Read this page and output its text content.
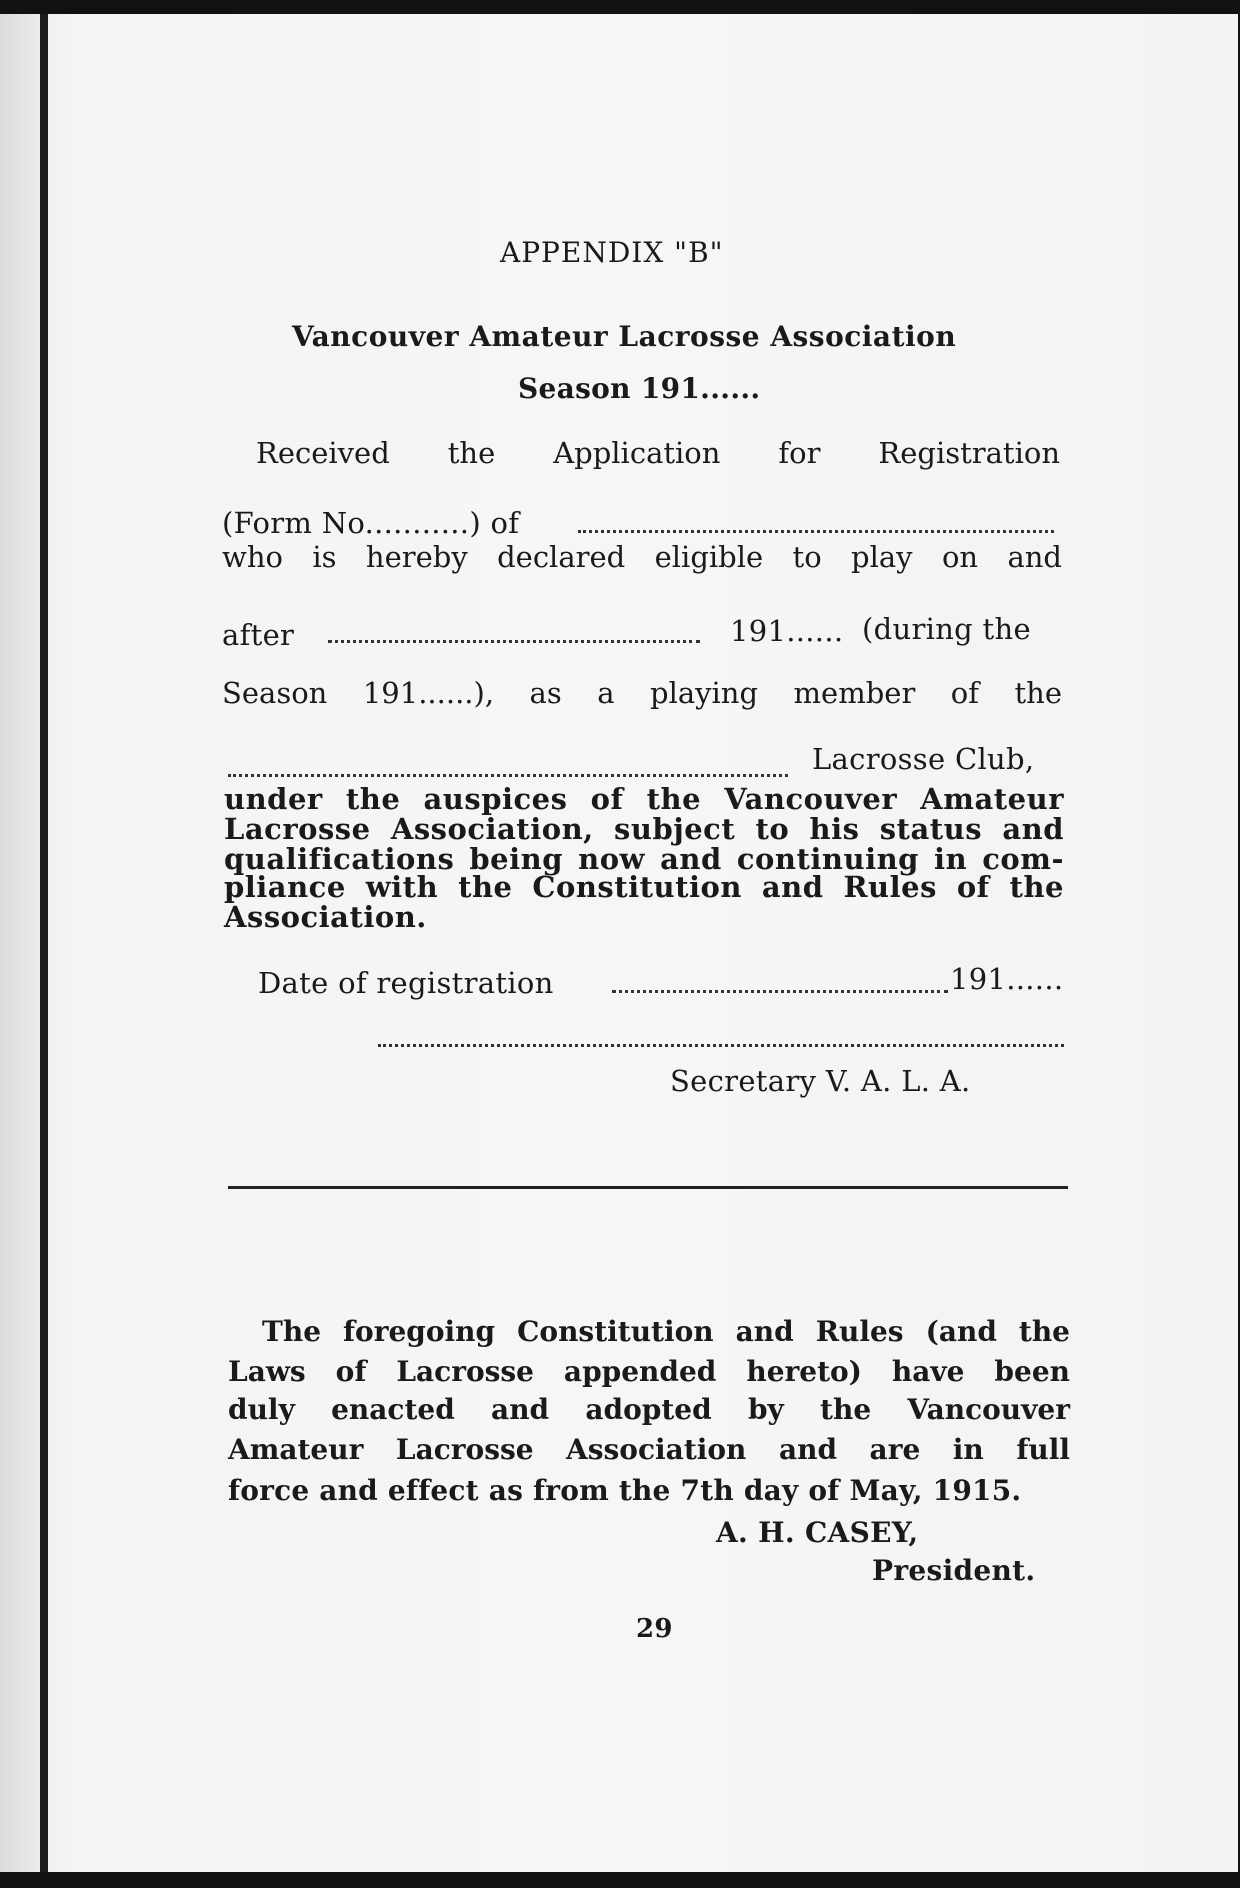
APPENDIX "B"
Vancouver Amateur Lacrosse Association
Season 191......
Received the Application for Registration
(Form No...........) of
who is hereby declared eligible to play on and
after	191...... (during the
Season 191......), as a playing member of the
Lacrosse Club,
under the auspices of the Vancouver Amateur
Lacrosse Association, subject to his status and
qualifications being now and continuing in com-
pliance with the Constitution and Rules of the
Association.
Date of registration	191......
Secretary V. A. L. A.
The foregoing Constitution and Rules (and the
Laws of Lacrosse appended hereto) have been
duly enacted and adopted by the Vancouver
Amateur Lacrosse Association and are in full
force and effect as from the 7th day of May, 1915.
A. H. CASEY,
President.
29
